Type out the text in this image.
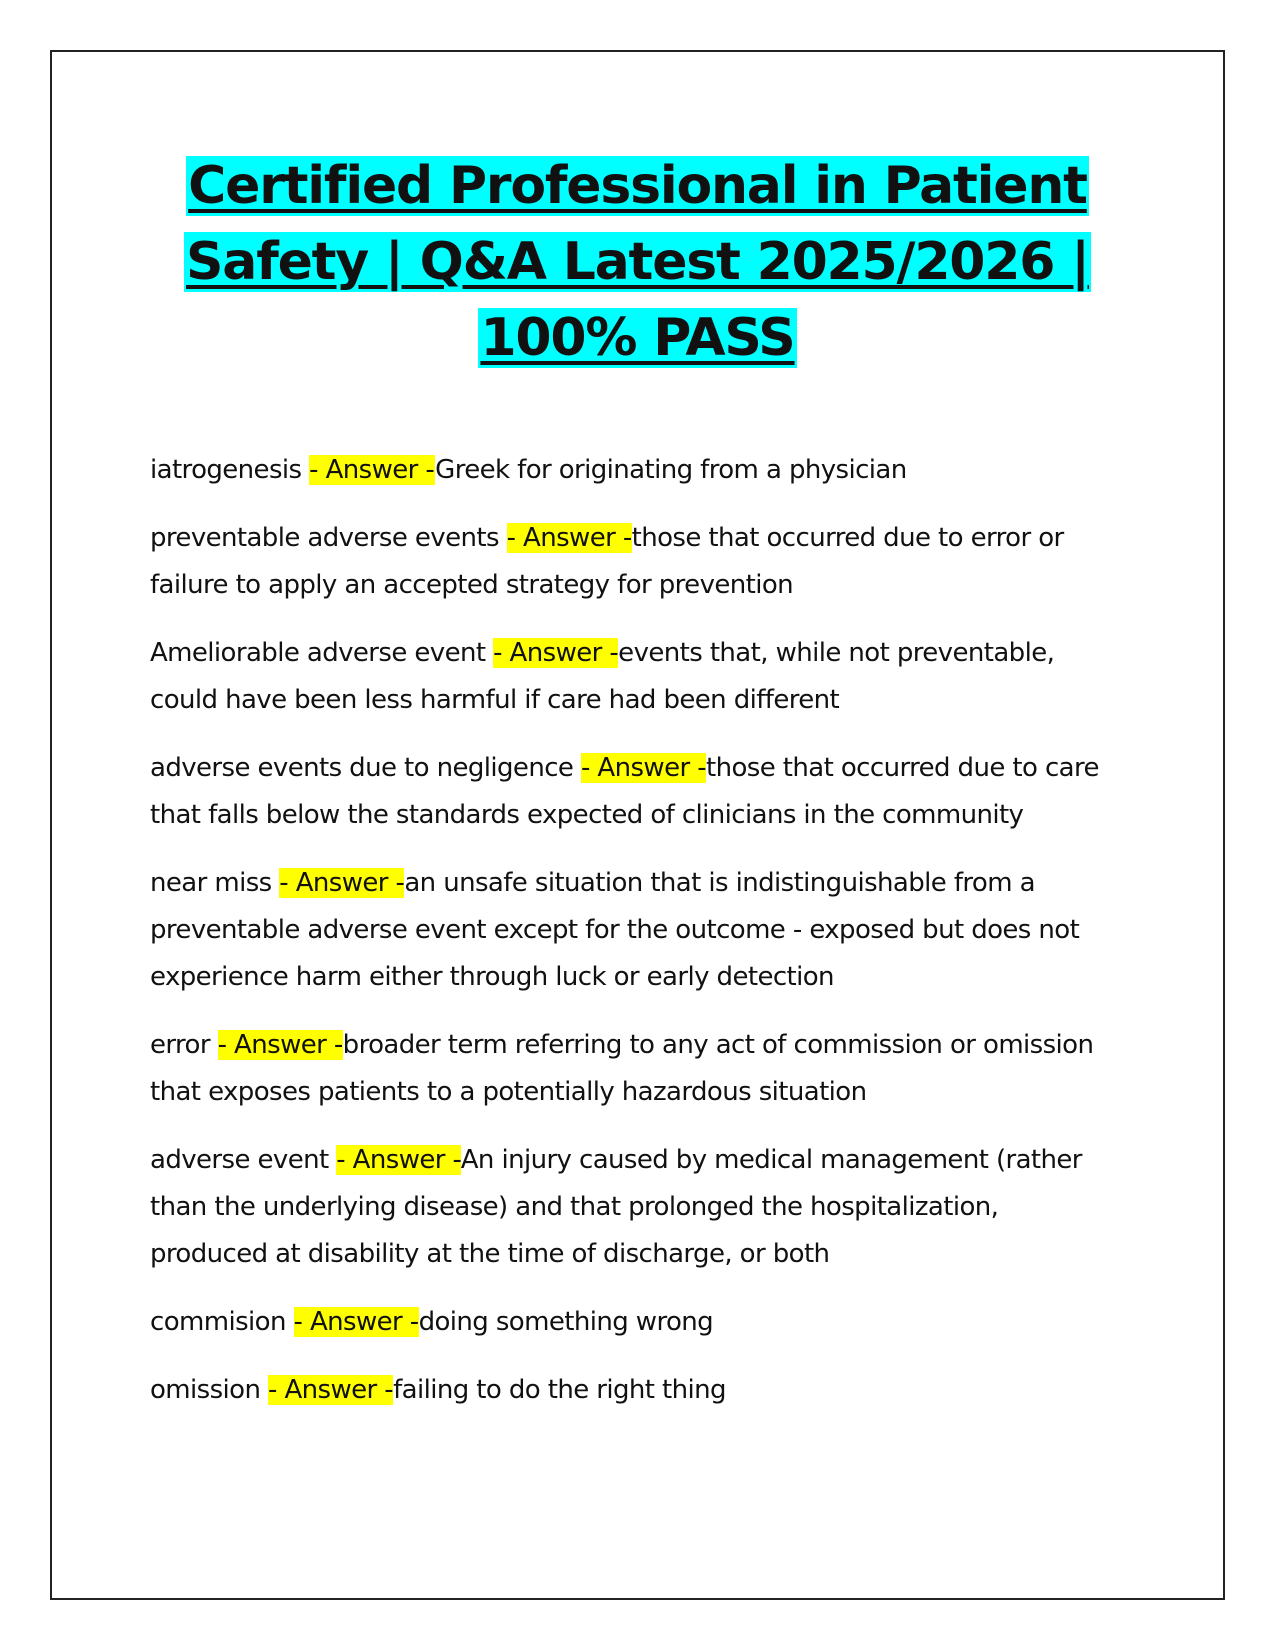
Certified Professional in Patient
Safety | Q&A Latest 2025/2026 |
100% PASS

iatrogenesis - Answer -Greek for originating from a physician

preventable adverse events - Answer -those that occurred due to error or failure to apply an accepted strategy for prevention

Ameliorable adverse event - Answer -events that, while not preventable, could have been less harmful if care had been different

adverse events due to negligence - Answer -those that occurred due to care that falls below the standards expected of clinicians in the community

near miss - Answer -an unsafe situation that is indistinguishable from a preventable adverse event except for the outcome - exposed but does not experience harm either through luck or early detection

error - Answer -broader term referring to any act of commission or omission that exposes patients to a potentially hazardous situation

adverse event - Answer -An injury caused by medical management (rather than the underlying disease) and that prolonged the hospitalization, produced at disability at the time of discharge, or both

commision - Answer -doing something wrong

omission - Answer -failing to do the right thing
